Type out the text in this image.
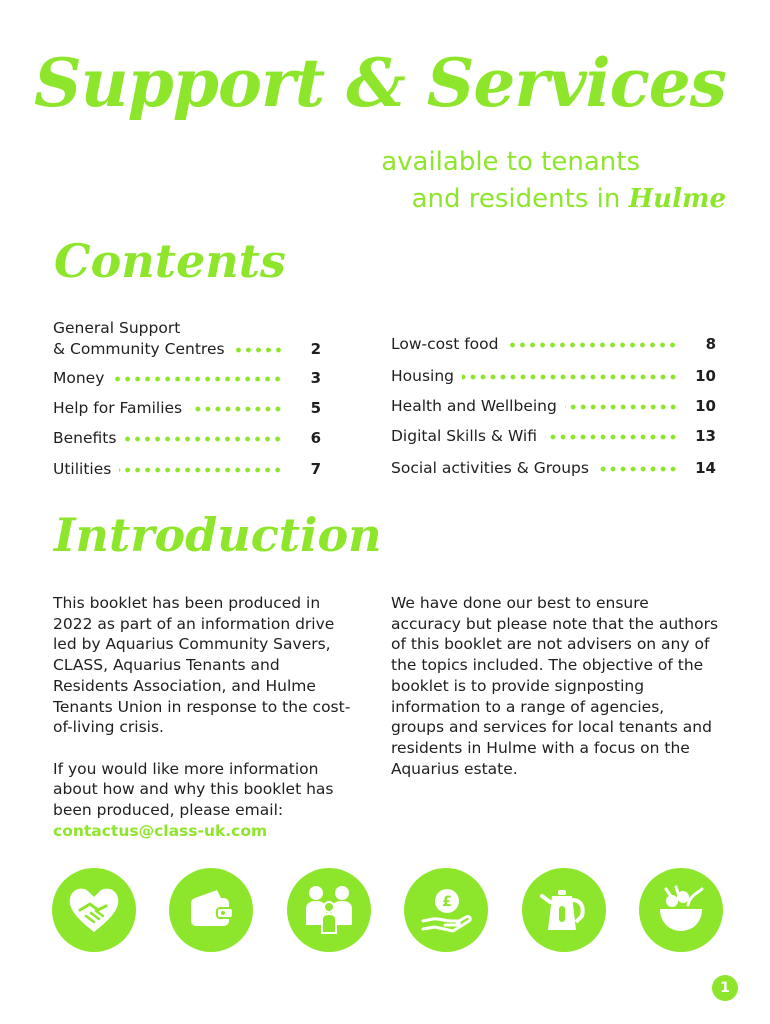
Support & Services
available to tenants
and residents in Hulme
Contents
General Support
& Community Centres	2
Money	3
Help for Families	5
Benefits	6
Utilities	7
Low-cost food	8
Housing	10
Health and Wellbeing	10
Digital Skills & Wifi	13
Social activities & Groups	14
Introduction

This booklet has been produced in 2022 as part of an information drive led by Aquarius Community Savers, CLASS, Aquarius Tenants and Residents Association, and Hulme Tenants Union in response to the cost-of-living crisis.

If you would like more information about how and why this booklet has been produced, please email:
contactus@class-uk.com

We have done our best to ensure accuracy but please note that the authors of this booklet are not advisers on any of the topics included. The objective of the booklet is to provide signposting information to a range of agencies, groups and services for local tenants and residents in Hulme with a focus on the Aquarius estate.

£
1
